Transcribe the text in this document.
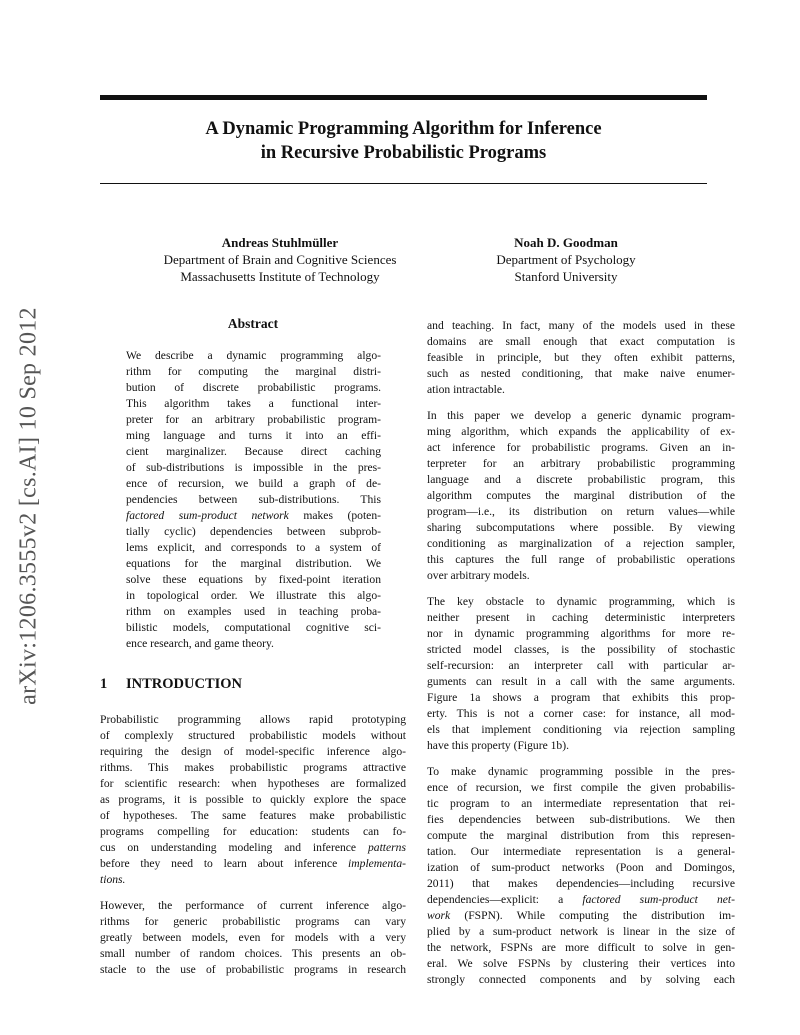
arXiv:1206.3555v2 [cs.AI] 10 Sep 2012
A Dynamic Programming Algorithm for Inference
in Recursive Probabilistic Programs
Andreas Stuhlmüller
Department of Brain and Cognitive Sciences
Massachusetts Institute of Technology
Noah D. Goodman
Department of Psychology
Stanford University
Abstract
We describe a dynamic programming algo-
rithm for computing the marginal distri-
bution of discrete probabilistic programs.
This algorithm takes a functional inter-
preter for an arbitrary probabilistic program-
ming language and turns it into an effi-
cient marginalizer. Because direct caching
of sub-distributions is impossible in the pres-
ence of recursion, we build a graph of de-
pendencies between sub-distributions. This
factored sum-product network makes (poten-
tially cyclic) dependencies between subprob-
lems explicit, and corresponds to a system of
equations for the marginal distribution. We
solve these equations by fixed-point iteration
in topological order. We illustrate this algo-
rithm on examples used in teaching proba-
bilistic models, computational cognitive sci-
ence research, and game theory.
1 INTRODUCTION
Probabilistic programming allows rapid prototyping
of complexly structured probabilistic models without
requiring the design of model-specific inference algo-
rithms. This makes probabilistic programs attractive
for scientific research: when hypotheses are formalized
as programs, it is possible to quickly explore the space
of hypotheses. The same features make probabilistic
programs compelling for education: students can fo-
cus on understanding modeling and inference patterns
before they need to learn about inference implementa-
tions.
However, the performance of current inference algo-
rithms for generic probabilistic programs can vary
greatly between models, even for models with a very
small number of random choices. This presents an ob-
stacle to the use of probabilistic programs in research
and teaching. In fact, many of the models used in these
domains are small enough that exact computation is
feasible in principle, but they often exhibit patterns,
such as nested conditioning, that make naive enumer-
ation intractable.
In this paper we develop a generic dynamic program-
ming algorithm, which expands the applicability of ex-
act inference for probabilistic programs. Given an in-
terpreter for an arbitrary probabilistic programming
language and a discrete probabilistic program, this
algorithm computes the marginal distribution of the
program—i.e., its distribution on return values—while
sharing subcomputations where possible. By viewing
conditioning as marginalization of a rejection sampler,
this captures the full range of probabilistic operations
over arbitrary models.
The key obstacle to dynamic programming, which is
neither present in caching deterministic interpreters
nor in dynamic programming algorithms for more re-
stricted model classes, is the possibility of stochastic
self-recursion: an interpreter call with particular ar-
guments can result in a call with the same arguments.
Figure 1a shows a program that exhibits this prop-
erty. This is not a corner case: for instance, all mod-
els that implement conditioning via rejection sampling
have this property (Figure 1b).
To make dynamic programming possible in the pres-
ence of recursion, we first compile the given probabilis-
tic program to an intermediate representation that rei-
fies dependencies between sub-distributions. We then
compute the marginal distribution from this represen-
tation. Our intermediate representation is a general-
ization of sum-product networks (Poon and Domingos,
2011) that makes dependencies—including recursive
dependencies—explicit: a factored sum-product net-
work (FSPN). While computing the distribution im-
plied by a sum-product network is linear in the size of
the network, FSPNs are more difficult to solve in gen-
eral. We solve FSPNs by clustering their vertices into
strongly connected components and by solving each
